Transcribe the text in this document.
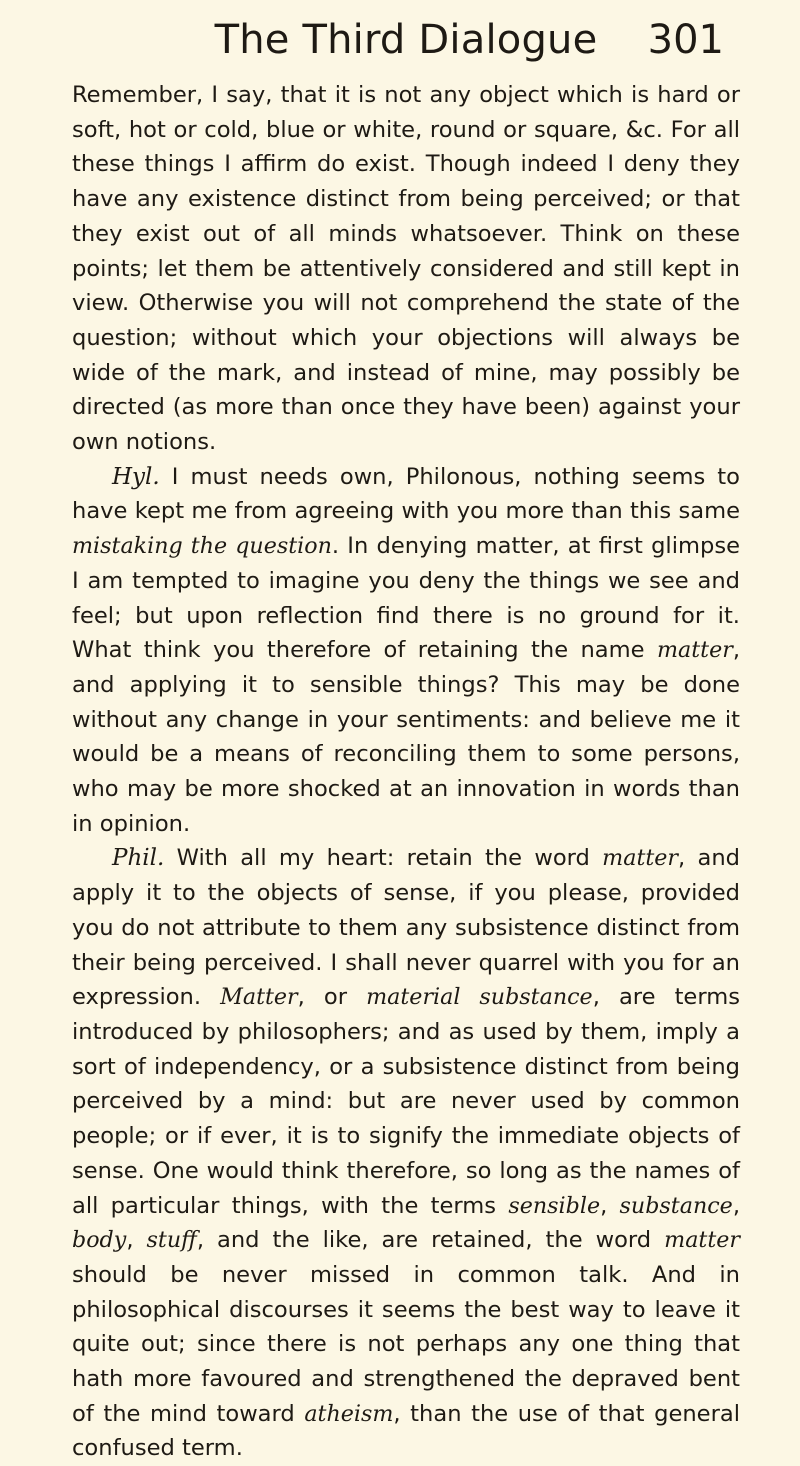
The Third Dialogue	301

Remember, I say, that it is not any object which is hard or soft, hot or cold, blue or white, round or square, &c. For all these things I affirm do exist. Though indeed I deny they have any existence distinct from being perceived; or that they exist out of all minds whatsoever. Think on these points; let them be attentively considered and still kept in view. Otherwise you will not comprehend the state of the question; without which your objections will always be wide of the mark, and instead of mine, may possibly be directed (as more than once they have been) against your own notions.

Hyl. I must needs own, Philonous, nothing seems to have kept me from agreeing with you more than this same mistaking the question. In denying matter, at first glimpse I am tempted to imagine you deny the things we see and feel; but upon reflection find there is no ground for it. What think you therefore of retaining the name matter, and applying it to sensible things? This may be done without any change in your sentiments: and believe me it would be a means of reconciling them to some persons, who may be more shocked at an innovation in words than in opinion.

Phil. With all my heart: retain the word matter, and apply it to the objects of sense, if you please, provided you do not attribute to them any subsistence distinct from their being perceived. I shall never quarrel with you for an expression. Matter, or material substance, are terms introduced by philosophers; and as used by them, imply a sort of independency, or a subsistence distinct from being perceived by a mind: but are never used by common people; or if ever, it is to signify the immediate objects of sense. One would think therefore, so long as the names of all particular things, with the terms sensible, substance, body, stuff, and the like, are retained, the word matter should be never missed in common talk. And in philosophical discourses it seems the best way to leave it quite out; since there is not perhaps any one thing that hath more favoured and strengthened the depraved bent of the mind toward atheism, than the use of that general confused term.
